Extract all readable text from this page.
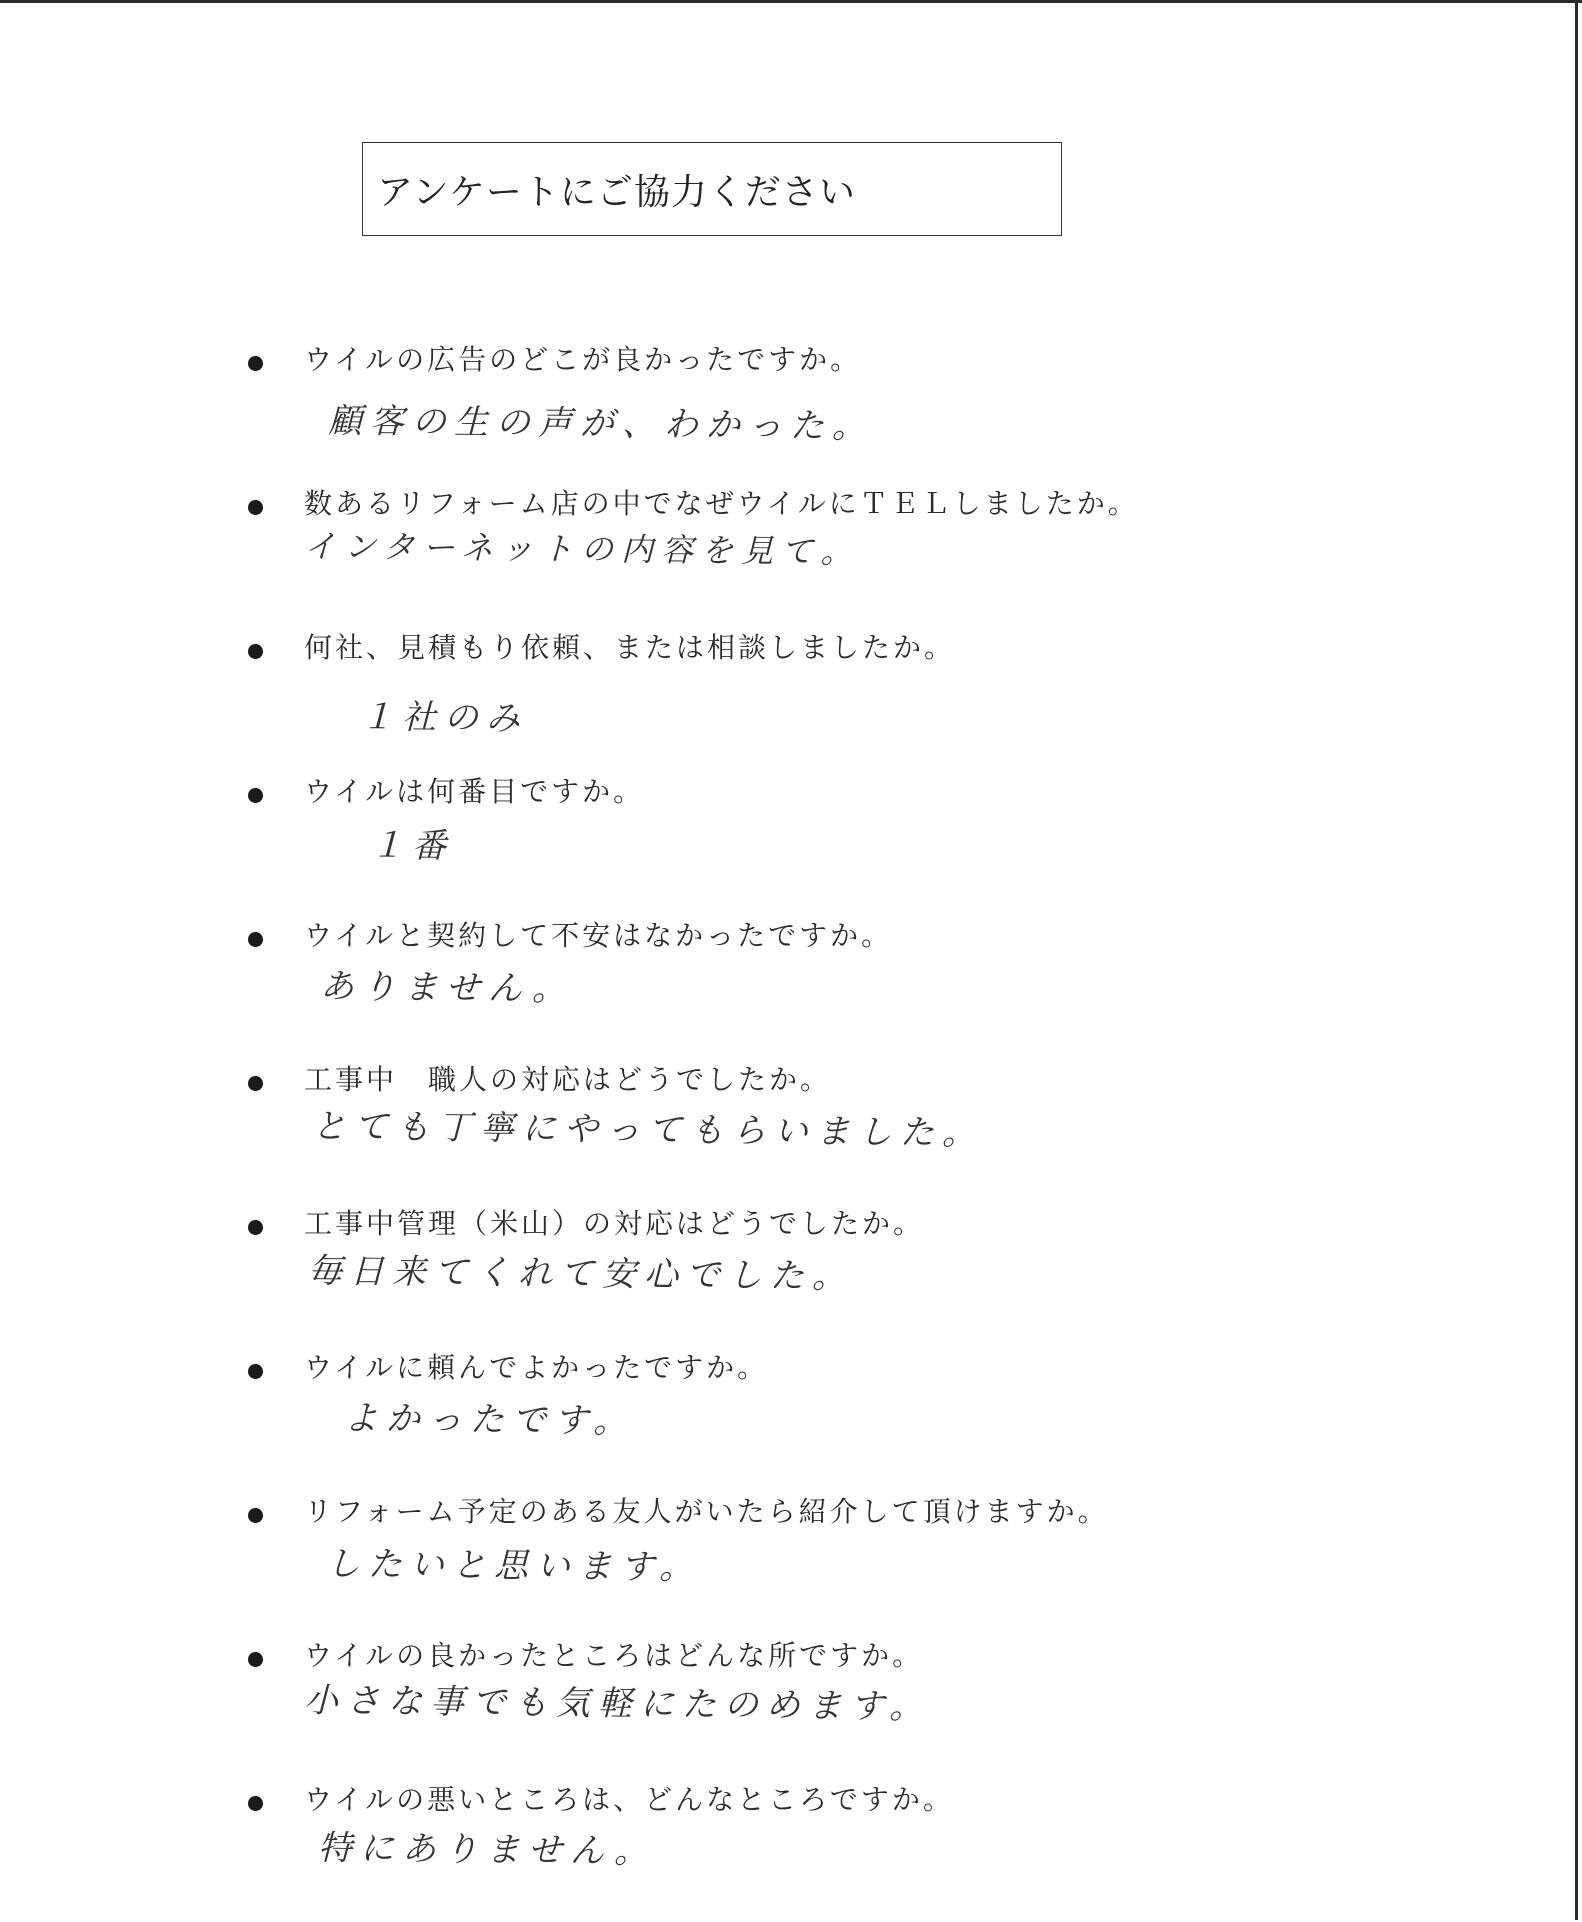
アンケートにご協力ください
ウイルの広告のどこが良かったですか。
顧客の生の声が、わかった。
数あるリフォーム店の中でなぜウイルにＴＥＬしましたか。
インターネットの内容を見て。
何社、見積もり依頼、または相談しましたか。
１社のみ
ウイルは何番目ですか。
１番
ウイルと契約して不安はなかったですか。
ありません。
工事中　職人の対応はどうでしたか。
とても丁寧にやってもらいました。
工事中管理（米山）の対応はどうでしたか。
毎日来てくれて安心でした。
ウイルに頼んでよかったですか。
よかったです。
リフォーム予定のある友人がいたら紹介して頂けますか。
したいと思います。
ウイルの良かったところはどんな所ですか。
小さな事でも気軽にたのめます。
ウイルの悪いところは、どんなところですか。
特にありません。
